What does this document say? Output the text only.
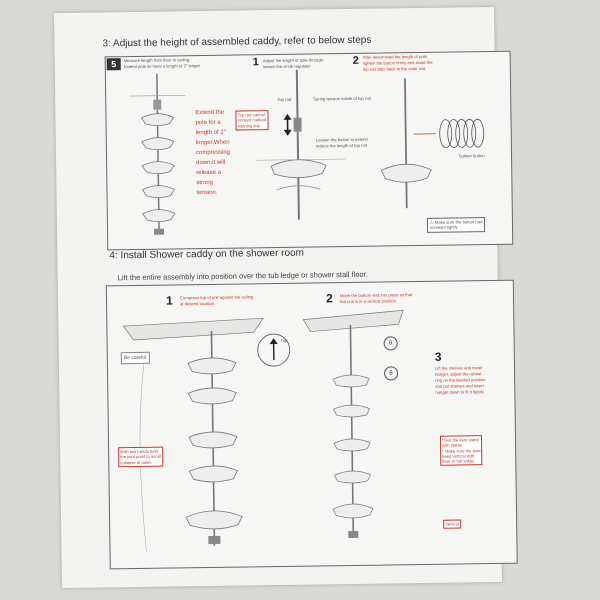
3: Adjust the height of assembled caddy, refer to below steps
5	Measure length from floor to ceiling.
Extend pole as have a length of 2" longer
Extend the
pole for a
length of 2"
longer,When
compressing
down,it will
release a
strong
tension.
1 Adjust the length of pole through
loosen the circle regulator	2 After determined the length of pole.
tighten the button firmly and avoid the
top rod slips back to the outer rod.
Top rod	Spring tension inside of top rod
Top rod cannot
exceed marked
warning line
Loosen the button to extend
reduce the length of top rod
Tighten button
⚠ Make sure the button had
screwed tightly
4: Install Shower caddy on the shower room
Lift the entire assembly into position over the tub ledge or shower stall floor.
1 Compress top of unit against the ceiling
at desired location.	2 Move the bottom end into place so that
the unit is in a vertical position.
Top
Be careful
With two hands hold
the joint point to avoid
collapse of poles
6
8
3
Lift the shelves and towel
hanger, adjust the rubber
ring on the desired position
and put shelves and towel
hanger down to fit it tightly
*Test the item stand
with stable.
* Make sure the pole
keep vertical with
floor or tub ledge.
Vertical
